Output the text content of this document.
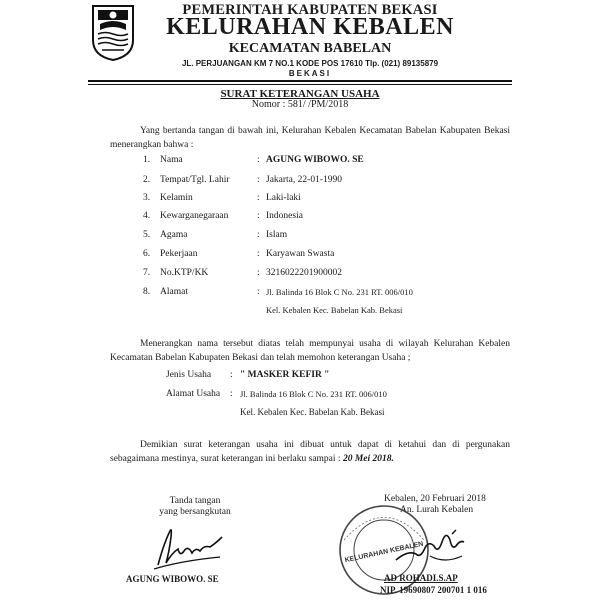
PEMERINTAH KABUPATEN BEKASI
KELURAHAN KEBALEN
KECAMATAN BABELAN
JL. PERJUANGAN KM 7 NO.1 KODE POS 17610 Tlp. (021) 89135879
BEKASI
SURAT KETERANGAN USAHA
Nomor : 581/ /PM/2018
Yang bertanda tangan di bawah ini, Kelurahan Kebalen Kecamatan Babelan Kabupaten Bekasi menerangkan bahwa :
1. Nama	: AGUNG WIBOWO. SE
2. Tempat/Tgl. Lahir	: Jakarta, 22-01-1990
3. Kelamin	: Laki-laki
4. Kewarganegaraan	: Indonesia
5. Agama	: Islam
6. Pekerjaan	: Karyawan Swasta
7. No.KTP/KK	: 3216022201900002
8. Alamat	: Jl. Balinda 16 Blok C No. 231 RT. 006/010
Kel. Kebalen Kec. Babelan Kab. Bekasi
Menerangkan nama tersebut diatas telah mempunyai usaha di wilayah Kelurahan Kebalen Kecamatan Babelan Kabupaten Bekasi dan telah memohon keterangan Usaha ;
Jenis Usaha : " MASKER KEFIR "
Alamat Usaha : Jl. Balinda 16 Blok C No. 231 RT. 006/010
Kel. Kebalen Kec. Babelan Kab. Bekasi
Demikian surat keterangan usaha ini dibuat untuk dapat di ketahui dan di pergunakan sebagaimana mestinya, surat keterangan ini berlaku sampai : 20 Mei 2018.
Tanda tangan
yang bersangkutan
AGUNG WIBOWO. SE
Kebalen, 20 Februari 2018
An. Lurah Kebalen
KELURAHAN KEBALEN
AD ROHADI.S.AP
NIP. 19690807 200701 1 016
